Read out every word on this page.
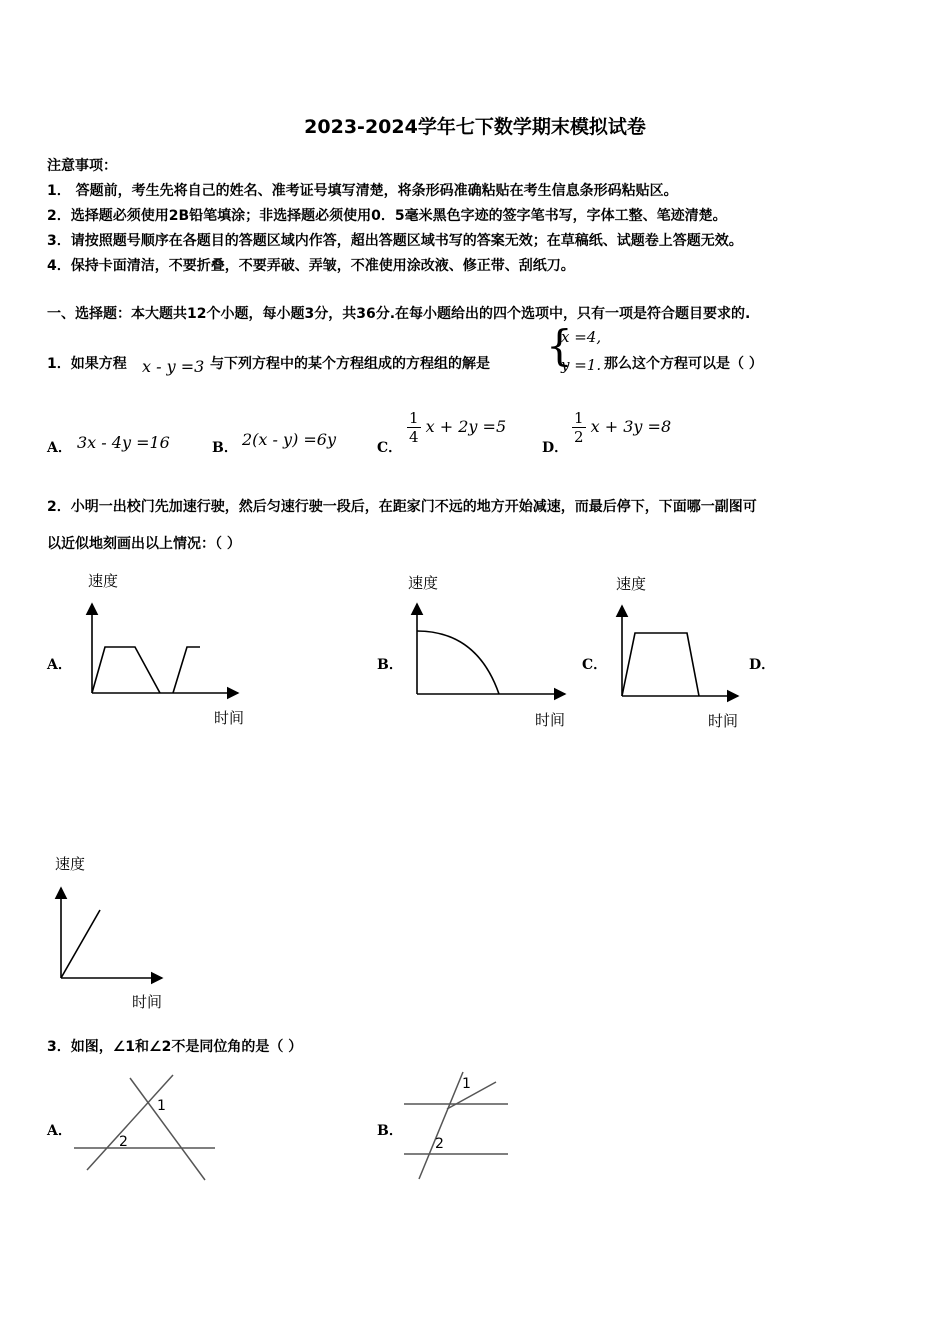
2023-2024学年七下数学期末模拟试卷
注意事项：
1． 答题前，考生先将自己的姓名、准考证号填写清楚，将条形码准确粘贴在考生信息条形码粘贴区。
2．选择题必须使用2B铅笔填涂；非选择题必须使用0．5毫米黑色字迹的签字笔书写，字体工整、笔迹清楚。
3．请按照题号顺序在各题目的答题区域内作答，超出答题区域书写的答案无效；在草稿纸、试题卷上答题无效。
4．保持卡面清洁，不要折叠，不要弄破、弄皱，不准使用涂改液、修正带、刮纸刀。
一、选择题：本大题共12个小题，每小题3分，共36分.在每小题给出的四个选项中，只有一项是符合题目要求的.
1．如果方程 x - y =3 与下列方程中的某个方程组成的方程组的解是 {
x =4,
y =1. 那么这个方程可以是（ ）
A． 3x - 4y =16	B． 2(x - y) =6y	C．
$\frac{1}{4}$ x + 2y =5
D．
$\frac{1}{2}$ x + 3y =8
2．小明一出校门先加速行驶，然后匀速行驶一段后，在距家门不远的地方开始减速，而最后停下，下面哪一副图可
以近似地刻画出以上情况：（ ）
A．	B．	C．	D．
速度
时间
速度
时间
速度
时间
速度
时间
3．如图，∠1和∠2不是同位角的是（ ）
A．	B．
1
2
1
2
